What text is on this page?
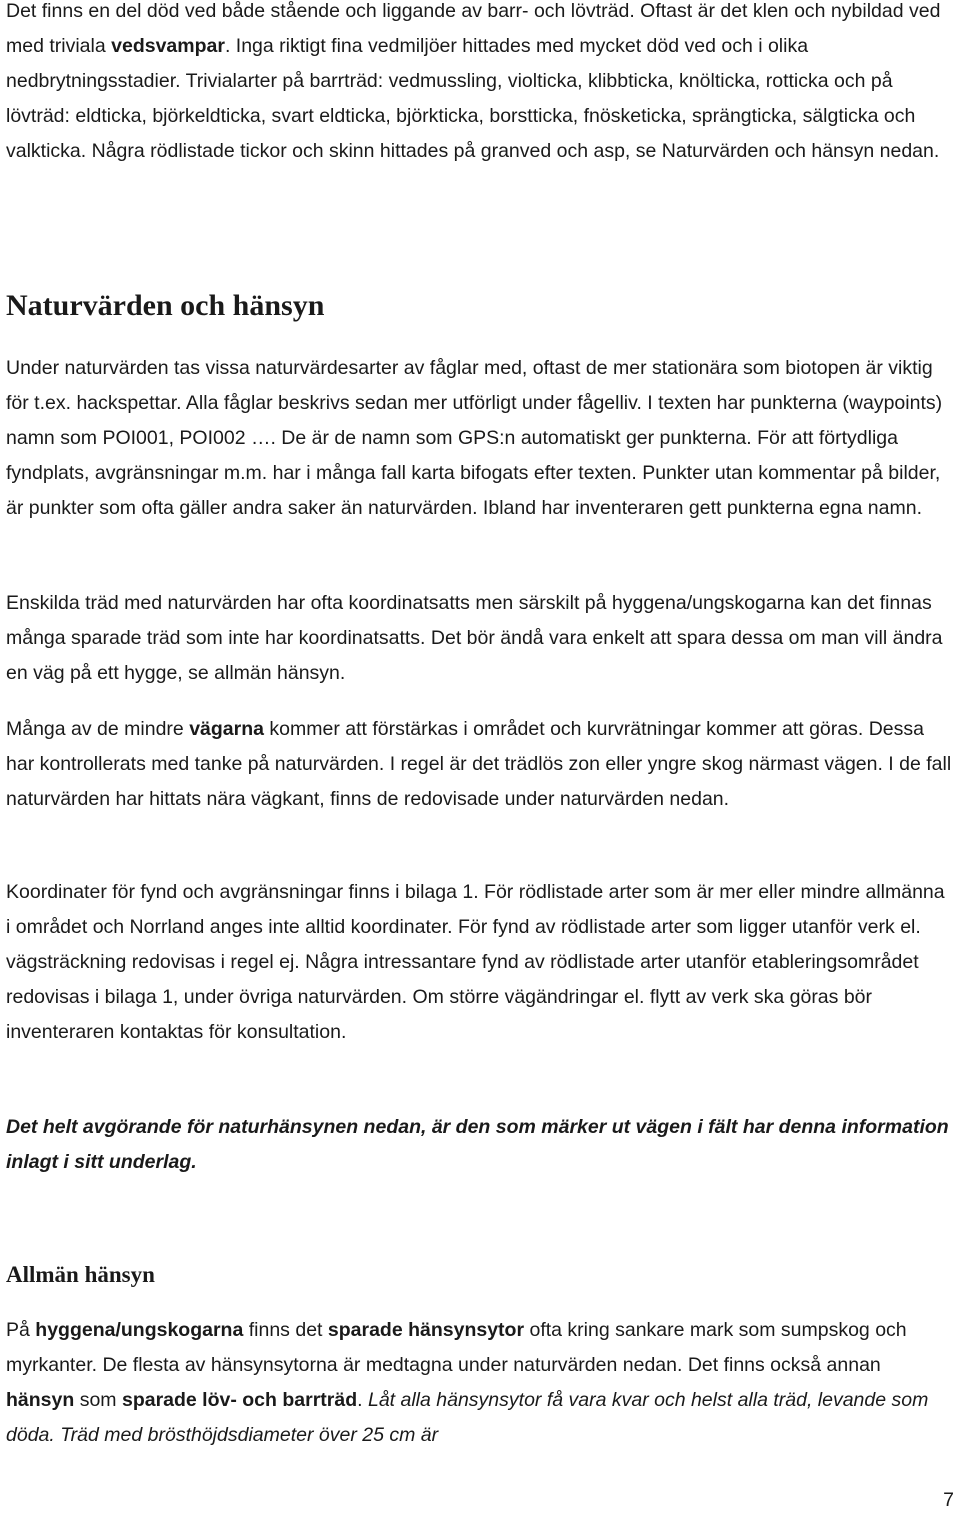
Det finns en del död ved både stående och liggande av barr- och lövträd. Oftast är det klen och nybildad ved med triviala vedsvampar. Inga riktigt fina vedmiljöer hittades med mycket död ved och i olika nedbrytningsstadier. Trivialarter på barrträd: vedmussling, violticka, klibbticka, knölticka, rotticka och på lövträd: eldticka, björkeldticka, svart eldticka, björkticka, borstticka, fnösketicka, sprängticka, sälgticka och valkticka. Några rödlistade tickor och skinn hittades på granved och asp, se Naturvärden och hänsyn nedan.

Naturvärden och hänsyn

Under naturvärden tas vissa naturvärdesarter av fåglar med, oftast de mer stationära som biotopen är viktig för t.ex. hackspettar. Alla fåglar beskrivs sedan mer utförligt under fågelliv. I texten har punkterna (waypoints) namn som POI001, POI002 …. De är de namn som GPS:n automatiskt ger punkterna. För att förtydliga fyndplats, avgränsningar m.m. har i många fall karta bifogats efter texten. Punkter utan kommentar på bilder, är punkter som ofta gäller andra saker än naturvärden. Ibland har inventeraren gett punkterna egna namn.

Enskilda träd med naturvärden har ofta koordinatsatts men särskilt på hyggena/ungskogarna kan det finnas många sparade träd som inte har koordinatsatts. Det bör ändå vara enkelt att spara dessa om man vill ändra en väg på ett hygge, se allmän hänsyn.

Många av de mindre vägarna kommer att förstärkas i området och kurvrätningar kommer att göras. Dessa har kontrollerats med tanke på naturvärden. I regel är det trädlös zon eller yngre skog närmast vägen. I de fall naturvärden har hittats nära vägkant, finns de redovisade under naturvärden nedan.

Koordinater för fynd och avgränsningar finns i bilaga 1. För rödlistade arter som är mer eller mindre allmänna i området och Norrland anges inte alltid koordinater. För fynd av rödlistade arter som ligger utanför verk el. vägsträckning redovisas i regel ej. Några intressantare fynd av rödlistade arter utanför etableringsområdet redovisas i bilaga 1, under övriga naturvärden. Om större vägändringar el. flytt av verk ska göras bör inventeraren kontaktas för konsultation.

Det helt avgörande för naturhänsynen nedan, är den som märker ut vägen i fält har denna information inlagt i sitt underlag.

Allmän hänsyn

På hyggena/ungskogarna finns det sparade hänsynsytor ofta kring sankare mark som sumpskog och myrkanter. De flesta av hänsynsytorna är medtagna under naturvärden nedan. Det finns också annan hänsyn som sparade löv- och barrträd. Låt alla hänsynsytor få vara kvar och helst alla träd, levande som döda. Träd med brösthöjdsdiameter över 25 cm är

7
